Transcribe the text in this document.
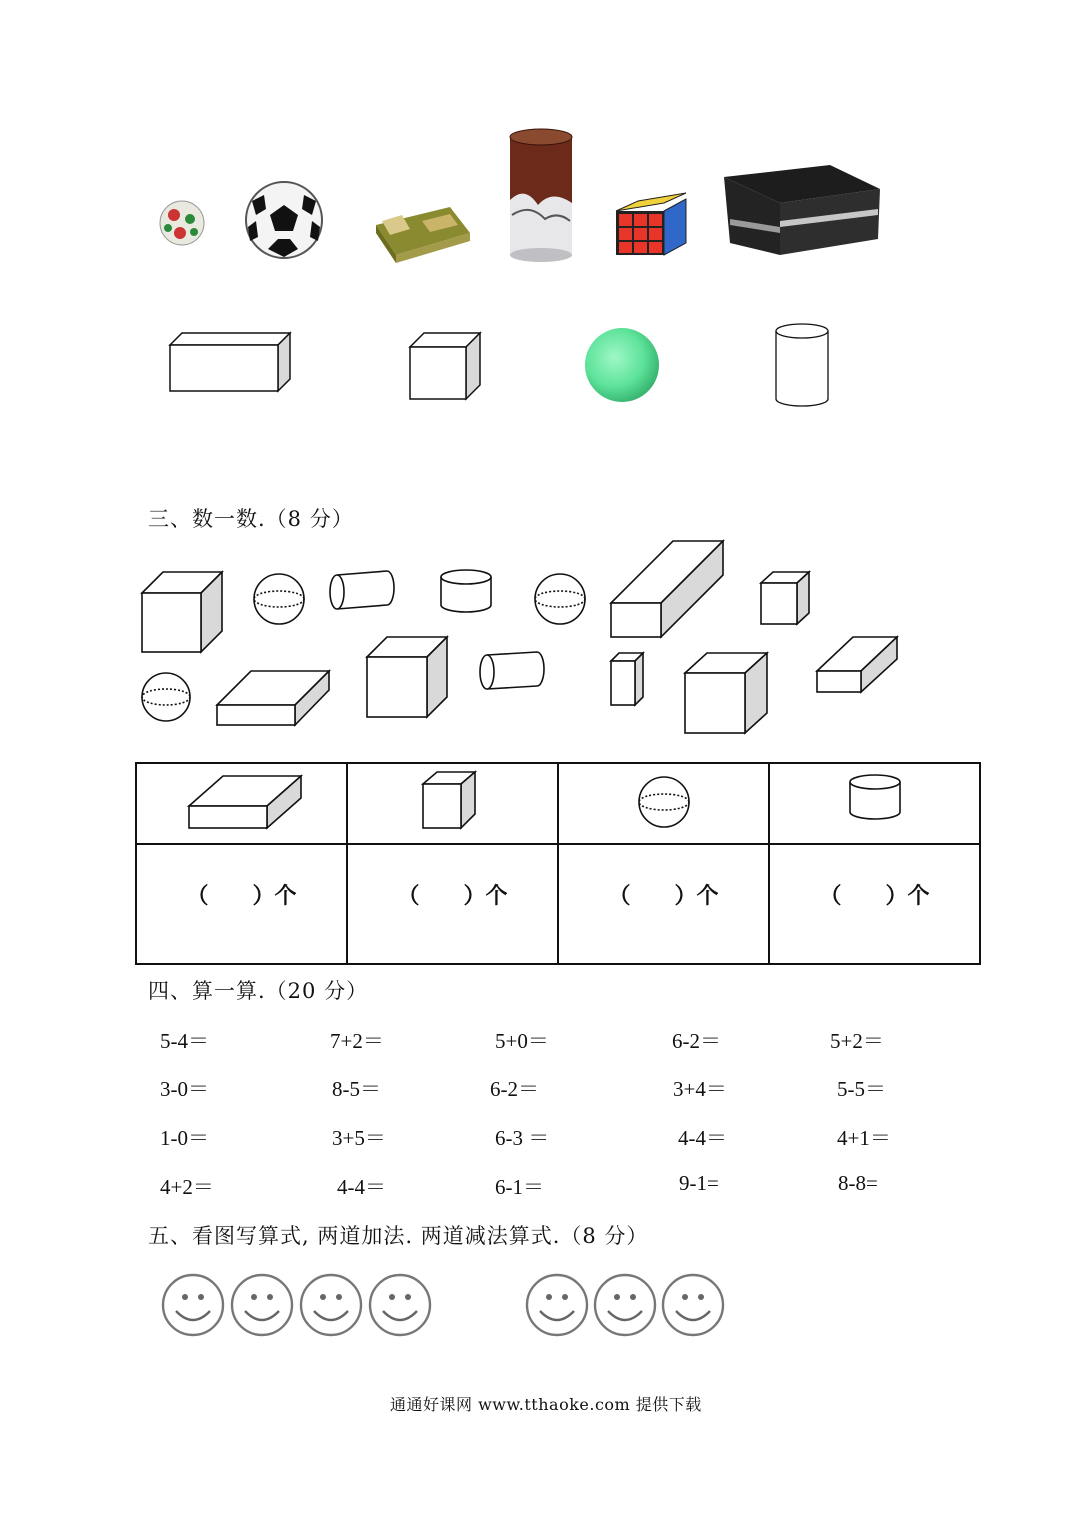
三、数一数.（8 分）

（ ）个	（ ）个	（ ）个	（ ）个
四、算一算.（20 分）
5-4＝	7+2＝	5+0＝	6-2＝	5+2＝
3-0＝	8-5＝	6-2＝	3+4＝	5-5＝
1-0＝	3+5＝	6-3 ＝	4-4＝	4+1＝
4+2＝	4-4＝	6-1＝	9-1=	8-8=
五、看图写算式, 两道加法. 两道减法算式.（8 分）
通通好课网 www.tthaoke.com 提供下载
